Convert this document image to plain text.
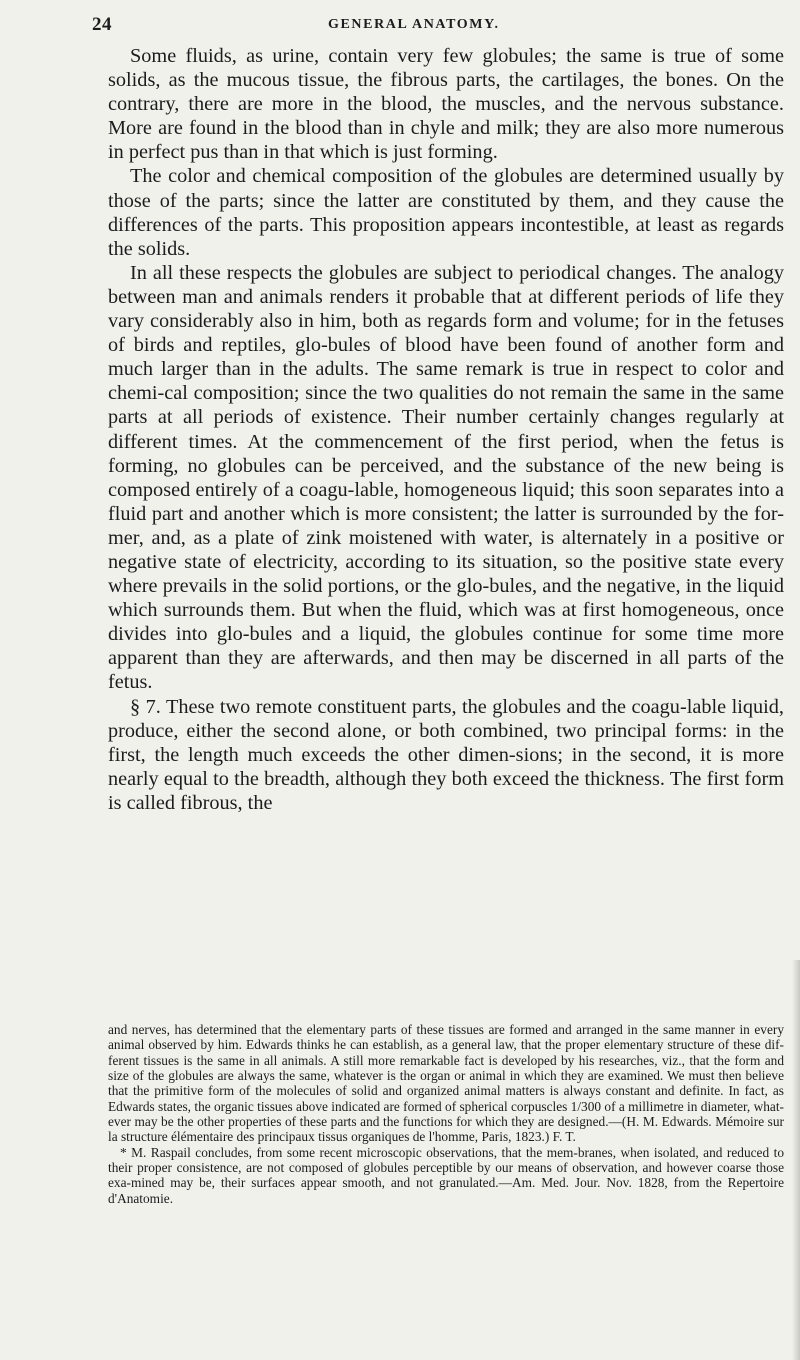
24	GENERAL ANATOMY.

Some fluids, as urine, contain very few globules; the same is true of some solids, as the mucous tissue, the fibrous parts, the cartilages, the bones. On the contrary, there are more in the blood, the muscles, and the nervous substance. More are found in the blood than in chyle and milk; they are also more numerous in perfect pus than in that which is just forming.

The color and chemical composition of the globules are determined usually by those of the parts; since the latter are constituted by them, and they cause the differences of the parts. This proposition appears incontestible, at least as regards the solids.

In all these respects the globules are subject to periodical changes. The analogy between man and animals renders it probable that at different periods of life they vary considerably also in him, both as regards form and volume; for in the fetuses of birds and reptiles, glo-bules of blood have been found of another form and much larger than in the adults. The same remark is true in respect to color and chemi-cal composition; since the two qualities do not remain the same in the same parts at all periods of existence. Their number certainly changes regularly at different times. At the commencement of the first period, when the fetus is forming, no globules can be perceived, and the substance of the new being is composed entirely of a coagu-lable, homogeneous liquid; this soon separates into a fluid part and another which is more consistent; the latter is surrounded by the for-mer, and, as a plate of zink moistened with water, is alternately in a positive or negative state of electricity, according to its situation, so the positive state every where prevails in the solid portions, or the glo-bules, and the negative, in the liquid which surrounds them. But when the fluid, which was at first homogeneous, once divides into glo-bules and a liquid, the globules continue for some time more apparent than they are afterwards, and then may be discerned in all parts of the fetus.

§ 7. These two remote constituent parts, the globules and the coagu-lable liquid, produce, either the second alone, or both combined, two principal forms: in the first, the length much exceeds the other dimen-sions; in the second, it is more nearly equal to the breadth, although they both exceed the thickness. The first form is called fibrous, the

and nerves, has determined that the elementary parts of these tissues are formed and arranged in the same manner in every animal observed by him. Edwards thinks he can establish, as a general law, that the proper elementary structure of these dif-ferent tissues is the same in all animals. A still more remarkable fact is developed by his researches, viz., that the form and size of the globules are always the same, whatever is the organ or animal in which they are examined. We must then believe that the primitive form of the molecules of solid and organized animal matters is always constant and definite. In fact, as Edwards states, the organic tissues above indicated are formed of spherical corpuscles 1/300 of a millimetre in diameter, what-ever may be the other properties of these parts and the functions for which they are designed.—(H. M. Edwards. Mémoire sur la structure élémentaire des principaux tissus organiques de l'homme, Paris, 1823.) F. T.

* M. Raspail concludes, from some recent microscopic observations, that the mem-branes, when isolated, and reduced to their proper consistence, are not composed of globules perceptible by our means of observation, and however coarse those exa-mined may be, their surfaces appear smooth, and not granulated.—Am. Med. Jour. Nov. 1828, from the Repertoire d'Anatomie.
